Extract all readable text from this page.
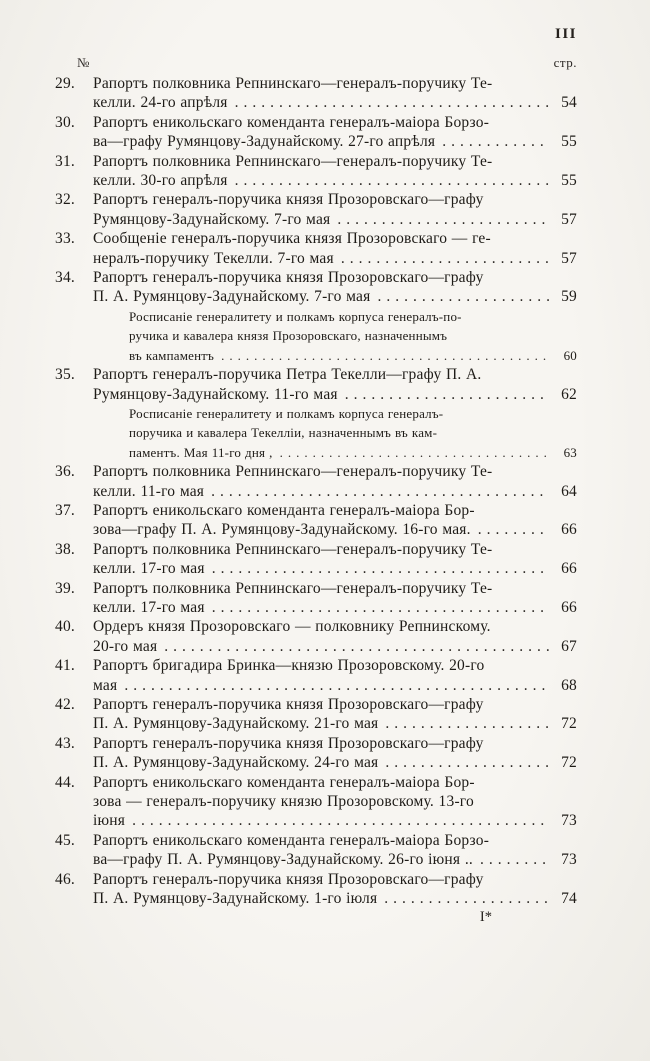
III
№	стр.
29.	Рапортъ полковника Репнинскаго—генералъ-поручику Те-
келли. 24-го апрѣля .....	54
30.	Рапортъ еникольскаго коменданта генералъ-маіора Борзо-
ва—графу Румянцову-Задунайскому. 27-го апрѣля .....	55
31.	Рапортъ полковника Репнинскаго—генералъ-поручику Те-
келли. 30-го апрѣля .....	55
32.	Рапортъ генералъ-поручика князя Прозоровскаго—графу
Румянцову-Задунайскому. 7-го мая .....	57
33.	Сообщеніе генералъ-поручика князя Прозоровскаго — ге-
нералъ-поручику Текелли. 7-го мая .....	57
34.	Рапортъ генералъ-поручика князя Прозоровскаго—графу
П. А. Румянцову-Задунайскому. 7-го мая .....	59
Росписаніе генералитету и полкамъ корпуса генералъ-по-
ручика и кавалера князя Прозоровскаго, назначеннымъ
въ кампаментъ .....	60
35.	Рапортъ генералъ-поручика Петра Текелли—графу П. А.
Румянцову-Задунайскому. 11-го мая .....	62
Росписаніе генералитету и полкамъ корпуса генералъ-
поручика и кавалера Текелліи, назначеннымъ въ кам-
паментъ. Мая 11-го дня , .....	63
36.	Рапортъ полковника Репнинскаго—генералъ-поручику Те-
келли. 11-го мая .....	64
37.	Рапортъ еникольскаго коменданта генералъ-маіора Бор-
зова—графу П. А. Румянцову-Задунайскому. 16-го мая. .....	66
38.	Рапортъ полковника Репнинскаго—генералъ-поручику Те-
келли. 17-го мая .....	66
39.	Рапортъ полковника Репнинскаго—генералъ-поручику Те-
келли. 17-го мая .....	66
40.	Ордеръ князя Прозоровскаго — полковнику Репнинскому.
20-го мая .....	67
41.	Рапортъ бригадира Бринка—князю Прозоровскому. 20-го
мая .....	68
42.	Рапортъ генералъ-поручика князя Прозоровскаго—графу
П. А. Румянцову-Задунайскому. 21-го мая .....	72
43.	Рапортъ генералъ-поручика князя Прозоровскаго—графу
П. А. Румянцову-Задунайскому. 24-го мая .....	72
44.	Рапортъ еникольскаго коменданта генералъ-маіора Бор-
зова — генералъ-поручику князю Прозоровскому. 13-го
іюня .....	73
45.	Рапортъ еникольскаго коменданта генералъ-маіора Борзо-
ва—графу П. А. Румянцову-Задунайскому. 26-го іюня .. .....	73
46.	Рапортъ генералъ-поручика князя Прозоровскаго—графу
П. А. Румянцову-Задунайскому. 1-го іюля .....	74
I*
